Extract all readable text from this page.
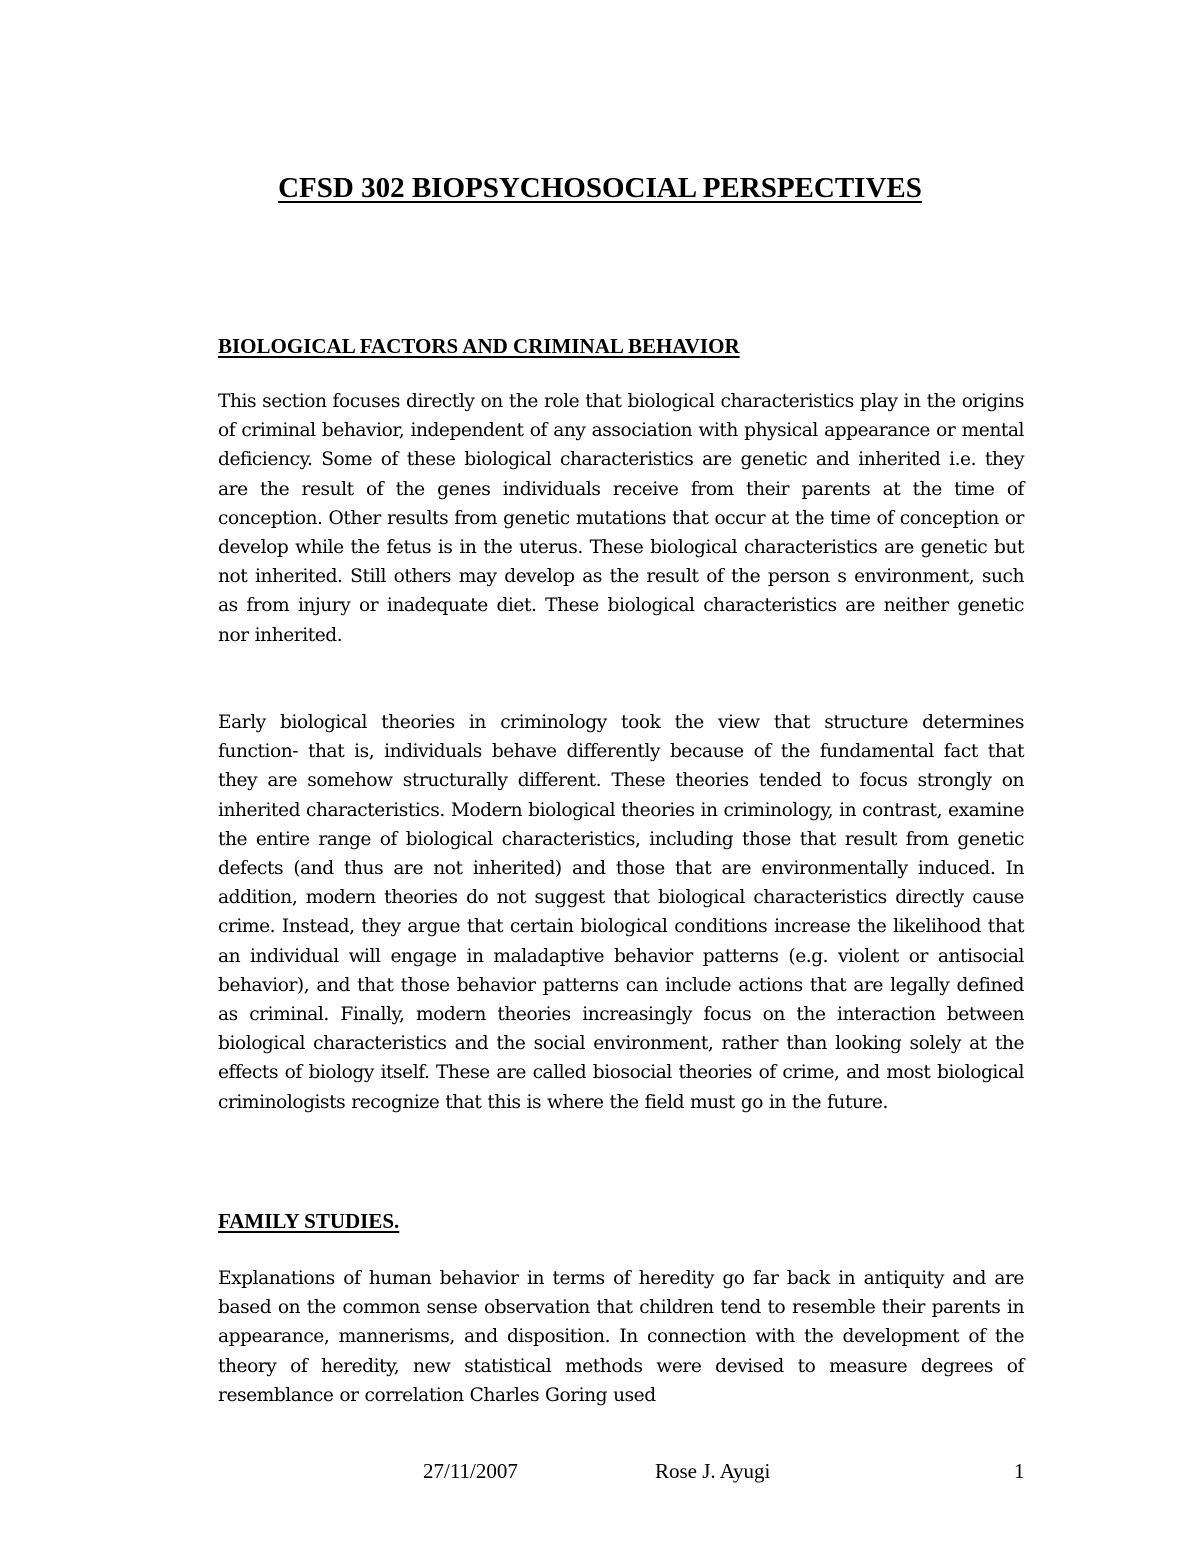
CFSD 302 BIOPSYCHOSOCIAL PERSPECTIVES
BIOLOGICAL FACTORS AND CRIMINAL BEHAVIOR

This section focuses directly on the role that biological characteristics play in the origins of criminal behavior, independent of any association with physical appearance or mental deficiency. Some of these biological characteristics are genetic and inherited i.e. they are the result of the genes individuals receive from their parents at the time of conception. Other results from genetic mutations that occur at the time of conception or develop while the fetus is in the uterus. These biological characteristics are genetic but not inherited. Still others may develop as the result of the person s environment, such as from injury or inadequate diet. These biological characteristics are neither genetic nor inherited.

Early biological theories in criminology took the view that structure determines function- that is, individuals behave differently because of the fundamental fact that they are somehow structurally different. These theories tended to focus strongly on inherited characteristics. Modern biological theories in criminology, in contrast, examine the entire range of biological characteristics, including those that result from genetic defects (and thus are not inherited) and those that are environmentally induced. In addition, modern theories do not suggest that biological characteristics directly cause crime. Instead, they argue that certain biological conditions increase the likelihood that an individual will engage in maladaptive behavior patterns (e.g. violent or antisocial behavior), and that those behavior patterns can include actions that are legally defined as criminal. Finally, modern theories increasingly focus on the interaction between biological characteristics and the social environment, rather than looking solely at the effects of biology itself. These are called biosocial theories of crime, and most biological criminologists recognize that this is where the field must go in the future.

FAMILY STUDIES.

Explanations of human behavior in terms of heredity go far back in antiquity and are based on the common sense observation that children tend to resemble their parents in appearance, mannerisms, and disposition. In connection with the development of the theory of heredity, new statistical methods were devised to measure degrees of resemblance or correlation Charles Goring used

27/11/2007	Rose J. Ayugi	1
